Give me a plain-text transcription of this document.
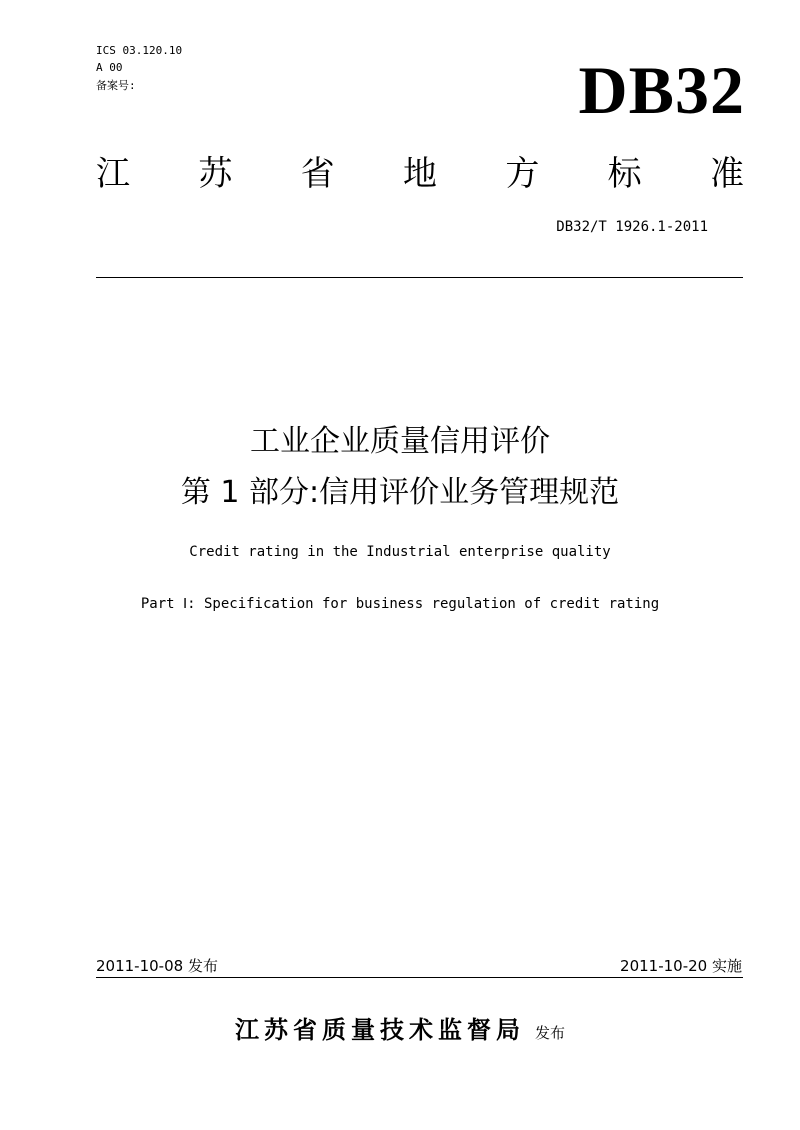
ICS 03.120.10
A 00
备案号:	DB32
江 苏 省 地 方 标 准
DB32/T 1926.1-2011
工业企业质量信用评价
第 1 部分:信用评价业务管理规范
Credit rating in the Industrial enterprise quality
Part Ⅰ: Specification for business regulation of credit rating
2011-10-08 发布	2011-10-20 实施
江苏省质量技术监督局 发布
